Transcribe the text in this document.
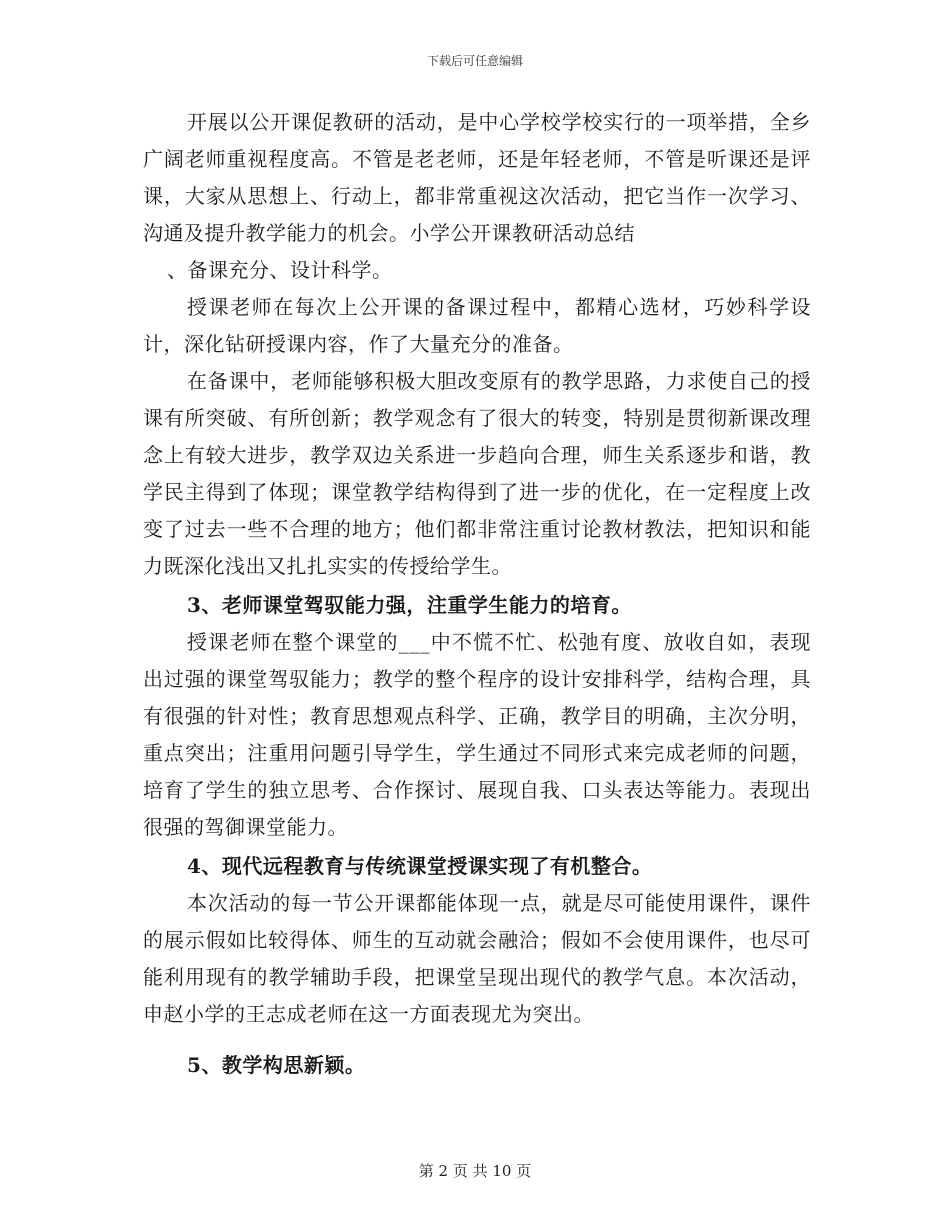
下载后可任意编辑

开展以公开课促教研的活动，是中心学校学校实行的一项举措，全乡广阔老师重视程度高。不管是老老师，还是年轻老师，不管是听课还是评课，大家从思想上、行动上，都非常重视这次活动，把它当作一次学习、沟通及提升教学能力的机会。小学公开课教研活动总结

、备课充分、设计科学。

授课老师在每次上公开课的备课过程中，都精心选材，巧妙科学设计，深化钻研授课内容，作了大量充分的准备。

在备课中，老师能够积极大胆改变原有的教学思路，力求使自己的授课有所突破、有所创新；教学观念有了很大的转变，特别是贯彻新课改理念上有较大进步，教学双边关系进一步趋向合理，师生关系逐步和谐，教学民主得到了体现；课堂教学结构得到了进一步的优化，在一定程度上改变了过去一些不合理的地方；他们都非常注重讨论教材教法，把知识和能力既深化浅出又扎扎实实的传授给学生。

3、老师课堂驾驭能力强，注重学生能力的培育。

授课老师在整个课堂的___中不慌不忙、松弛有度、放收自如，表现出过强的课堂驾驭能力；教学的整个程序的设计安排科学，结构合理，具有很强的针对性；教育思想观点科学、正确，教学目的明确，主次分明，重点突出；注重用问题引导学生，学生通过不同形式来完成老师的问题，培育了学生的独立思考、合作探讨、展现自我、口头表达等能力。表现出很强的驾御课堂能力。

4、现代远程教育与传统课堂授课实现了有机整合。

本次活动的每一节公开课都能体现一点，就是尽可能使用课件，课件的展示假如比较得体、师生的互动就会融洽；假如不会使用课件，也尽可能利用现有的教学辅助手段，把课堂呈现出现代的教学气息。本次活动，申赵小学的王志成老师在这一方面表现尤为突出。

5、教学构思新颖。

第 2 页 共 10 页
